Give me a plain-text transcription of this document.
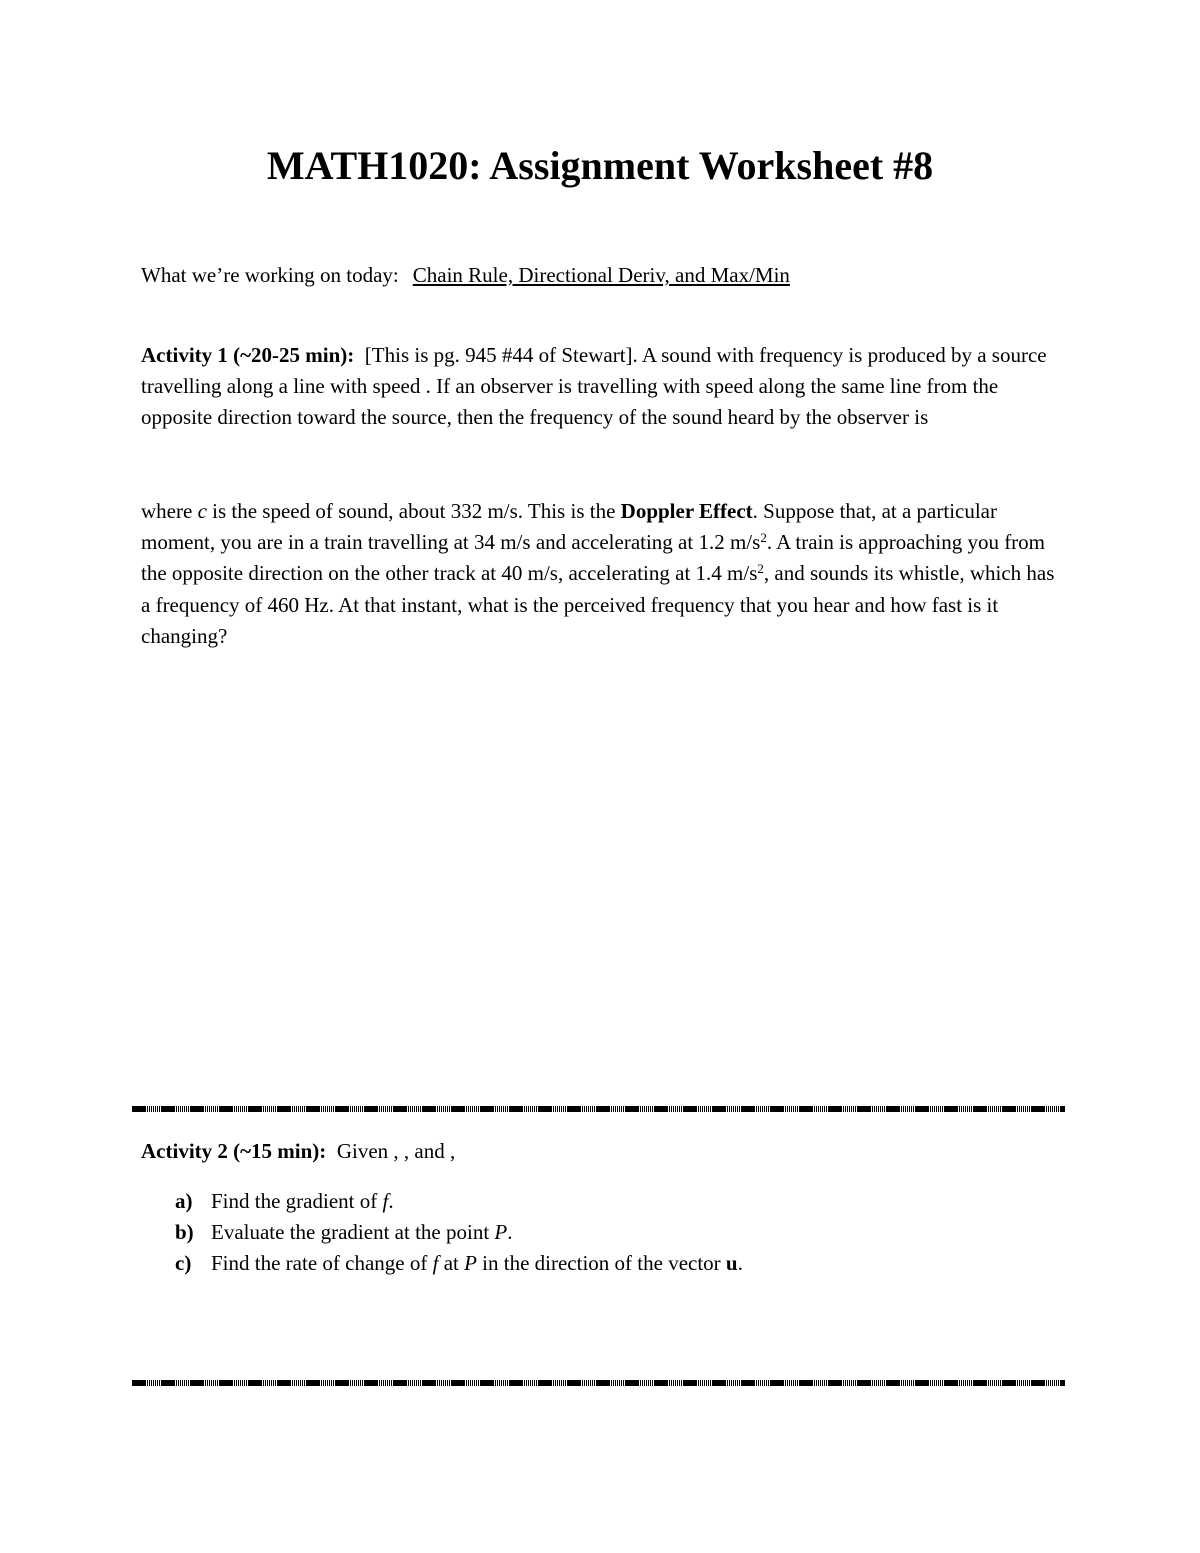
MATH1020: Assignment Worksheet #8

What we’re working on today: Chain Rule, Directional Deriv, and Max/Min

Activity 1 (~20-25 min): [This is pg. 945 #44 of Stewart]. A sound with frequency is produced by a source travelling along a line with speed . If an observer is travelling with speed along the same line from the opposite direction toward the source, then the frequency of the sound heard by the observer is

where c is the speed of sound, about 332 m/s. This is the Doppler Effect. Suppose that, at a particular moment, you are in a train travelling at 34 m/s and accelerating at 1.2 $m/s^2$. A train is approaching you from the opposite direction on the other track at 40 m/s, accelerating at 1.4 $m/s^2$, and sounds its whistle, which has a frequency of 460 Hz. At that instant, what is the perceived frequency that you hear and how fast is it changing?

Activity 2 (~15 min): Given , , and ,

a) Find the gradient of f.
b) Evaluate the gradient at the point P.
c) Find the rate of change of f at P in the direction of the vector u.
